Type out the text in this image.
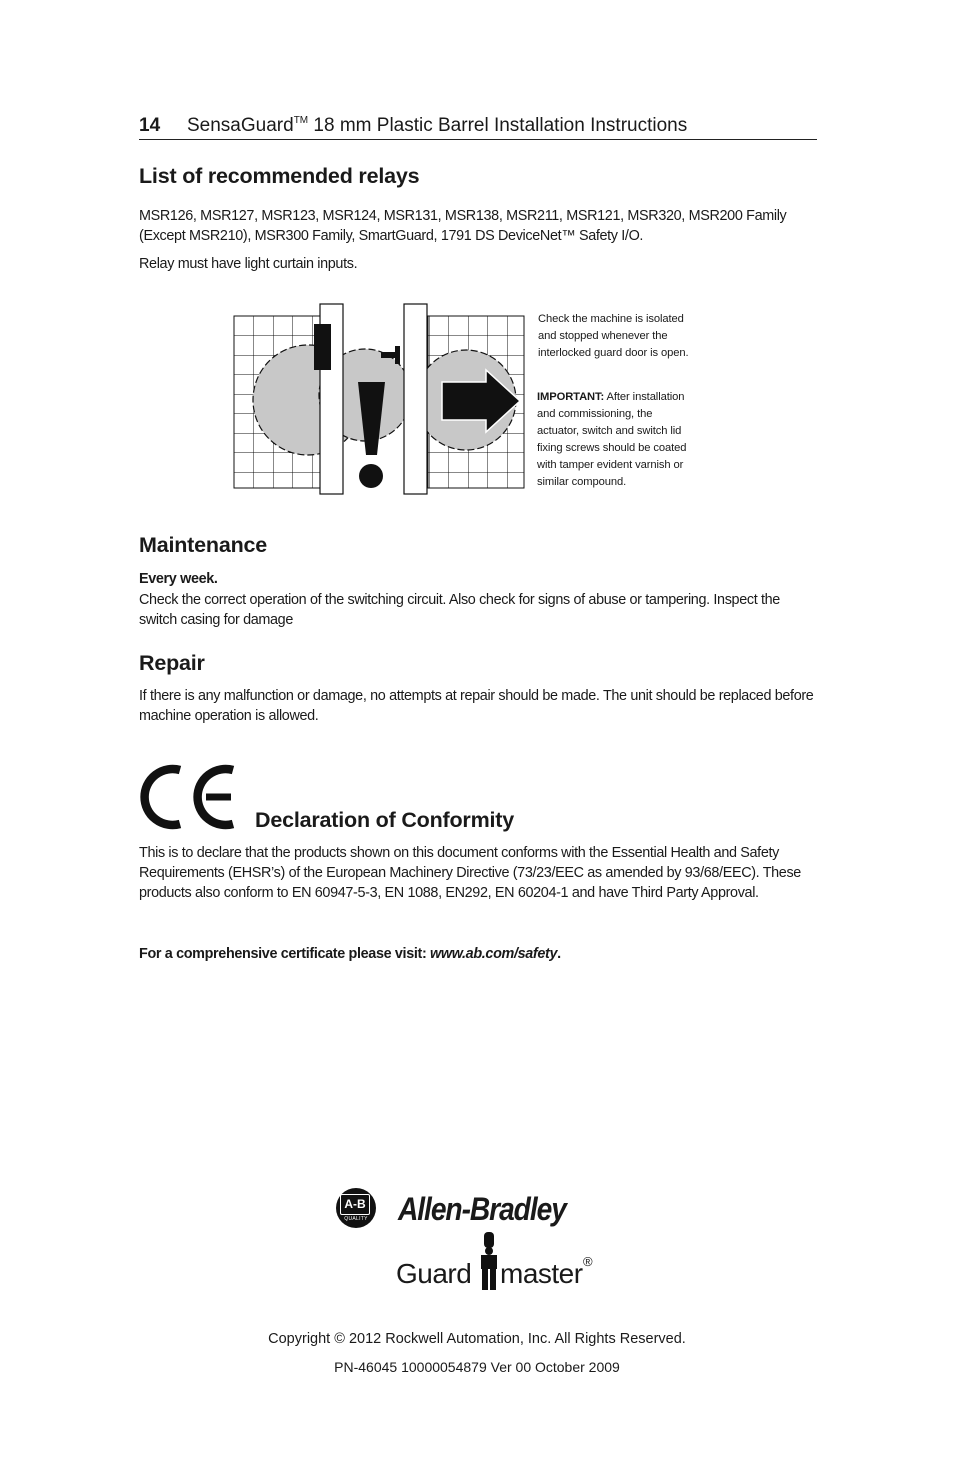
14 SensaGuard™ 18 mm Plastic Barrel Installation Instructions
List of recommended relays

MSR126, MSR127, MSR123, MSR124, MSR131, MSR138, MSR211, MSR121, MSR320, MSR200 Family (Except MSR210), MSR300 Family, SmartGuard, 1791 DS DeviceNet™ Safety I/O.

Relay must have light curtain inputs.

Check the machine is isolated and stopped whenever the interlocked guard door is open.
IMPORTANT: After installation and commissioning, the actuator, switch and switch lid fixing screws should be coated with tamper evident varnish or similar compound.
Maintenance

Every week.

Check the correct operation of the switching circuit. Also check for signs of abuse or tampering. Inspect the switch casing for damage

Repair

If there is any malfunction or damage, no attempts at repair should be made. The unit should be replaced before machine operation is allowed.

Declaration of Conformity

This is to declare that the products shown on this document conforms with the Essential Health and Safety Requirements (EHSR’s) of the European Machinery Directive (73/23/EEC as amended by 93/68/EEC). These products also conform to EN 60947-5-3, EN 1088, EN292, EN 60204-1 and have Third Party Approval.

For a comprehensive certificate please visit: www.ab.com/safety.

A-B
QUALITY Allen-Bradley
Guard master ®
Copyright © 2012 Rockwell Automation, Inc. All Rights Reserved.
PN-46045 10000054879 Ver 00 October 2009
